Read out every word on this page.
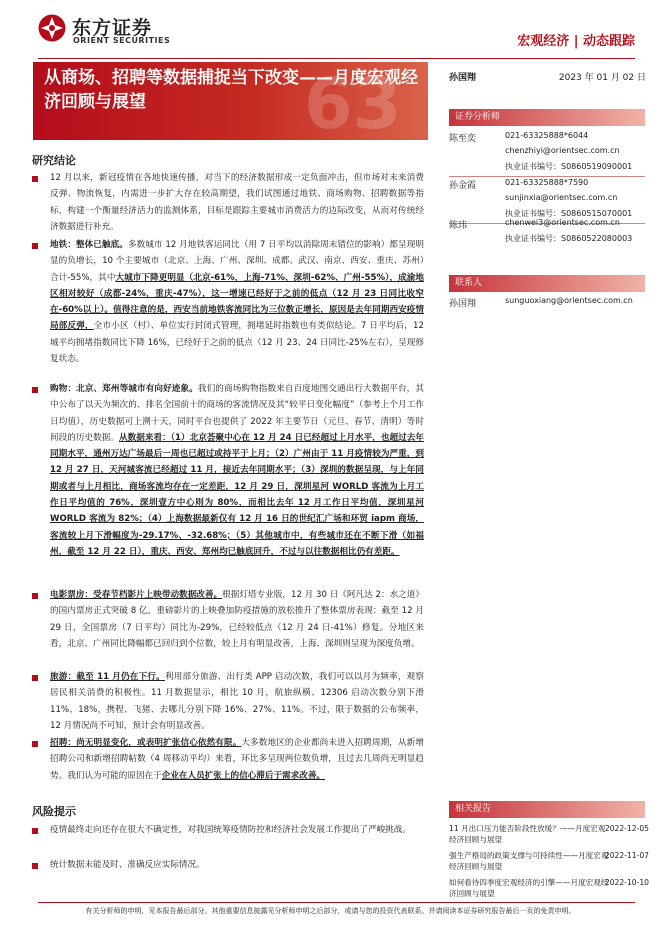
东方证券
ORIENT SECURITIES	宏观经济 | 动态跟踪
63
从商场、招聘等数据捕捉当下改变——月度宏观经济回顾与展望
孙国翔	2023 年 01 月 02 日
证券分析师
陈至奕	021-63325888*6044
chenzhiyi@orientsec.com.cn
执业证书编号：S0860519090001
孙金霞	021-63325888*7590
sunjinxia@orientsec.com.cn
执业证书编号：S0860515070001
陈玮	chenwei3@orientsec.com.cn
执业证书编号：S0860522080003
联系人
孙国翔	sunguoxiang@orientsec.com.cn
相关报告
11 月出口压力能否阶段性放缓？——月度宏观经济回顾与展望
2022-12-05
强生产格局的政策支撑与可持续性——月度宏观经济回顾与展望
2022-11-07
如何看待四季度宏观经济的引擎——月度宏观经济回顾与展望
2022-10-10
研究结论
12 月以来，新冠疫情在各地快速传播，对当下的经济数据形成一定负面冲击，但市场对未来消费反弹、物流恢复，内需进一步扩大存在较高期望，我们试图通过地铁、商场购物、招聘数据等指标，构建一个衡量经济活力的监测体系，目标是跟踪主要城市消费活力的边际改变，从而对传统经济数据进行补充。
地铁：整体已触底。多数城市 12 月地铁客运同比（用 7 日平均以消除周末错位的影响）都呈现明显的负增长，10 个主要城市（北京、上海、广州、深圳、成都、武汉、南京、西安、重庆、苏州）合计-55%，其中大城市下降更明显（北京-61%，上海-71%、深圳-62%、广州-55%），成渝地区相对较好（成都-24%，重庆-47%），这一增速已经好于之前的低点（12 月 23 日同比收窄在-60%以上）。值得注意的是，西安当前地铁客流同比为三位数正增长，原因是去年同期西安疫情局部反弹，全市小区（村）、单位实行封闭式管理，拥堵延时指数也有类似结论。7 日平均后，12 城平均拥堵指数同比下降 16%，已经好于之前的低点（12 月 23、24 日同比-25%左右），呈现修复状态。
购物：北京、郑州等城市有向好迹象。我们的商场购物指数来自百度地图交通出行大数据平台，其中公布了以天为频次的、排名全国前十的商场的客流情况及其“较平日变化幅度”（参考上个月工作日均值），历史数据可上溯十天，同时平台也提供了 2022 年主要节日（元旦、春节、清明）等时间段的历史数据。从数据来看：（1）北京荟聚中心在 12 月 24 日已经超过上月水平，也超过去年同期水平，通州万达广场最后一周也已超过或持平于上月；（2）广州由于 11 月疫情较为严重，到 12 月 27 日，天河城客流已经超过 11 月，接近去年同期水平；（3）深圳的数据呈现，与上年同期或者与上月相比，商场客流均存在一定差距，12 月 29 日，深圳星河 WORLD 客流为上月工作日平均值的 76%，深圳壹方中心则为 80%，而相比去年 12 月工作日平均值，深圳星河 WORLD 客流为 82%；（4）上海数据最新仅有 12 月 16 日的世纪汇广场和环贸 iapm 商场，客流较上月下滑幅度为-29.17%、-32.68%；（5）其他城市中，有些城市还在不断下滑（如福州，截至 12 月 22 日），重庆、西安、郑州均已触底回升，不过与以往数据相比仍有差距。
电影票房：受春节档影片上映带动数据改善。根据灯塔专业版，12 月 30 日《阿凡达 2：水之道》的国内票房正式突破 8 亿，重磅影片的上映叠加防疫措施的放松推升了整体票房表现：截至 12 月 29 日，全国票房（7 日平均）同比为-29%，已经较低点（12 月 24 日-41%）修复。分地区来看，北京、广州同比降幅都已回归到个位数，较上月有明显改善，上海、深圳则呈现为深度负增。
旅游：截至 11 月仍在下行。利用部分旅游、出行类 APP 启动次数，我们可以以月为频率，观察居民相关消费的积极性。11 月数据显示，相比 10 月，航旅纵横、12306 启动次数分别下滑 11%、18%，携程、飞猪、去哪儿分别下降 16%、27%、11%。不过，限于数据的公布频率，12 月情况尚不可知，预计会有明显改善。
招聘：尚无明显变化，或表明扩张信心依然有限。大多数地区的企业都尚未进入招聘周期，从新增招聘公司和新增招聘帖数（4 周移动平均）来看，环比多呈现两位数负增，且过去几周尚无明显趋势。我们认为可能的原因在于企业在人员扩张上的信心滞后于需求改善。
风险提示
疫情最终走向还存在很大不确定性，对我国统筹疫情防控和经济社会发展工作提出了严峻挑战。
统计数据未能及时、准确反应实际情况。
有关分析师的申明，见本报告最后部分。其他重要信息披露见分析师申明之后部分，或请与您的投资代表联系。并请阅读本证券研究报告最后一页的免责申明。
